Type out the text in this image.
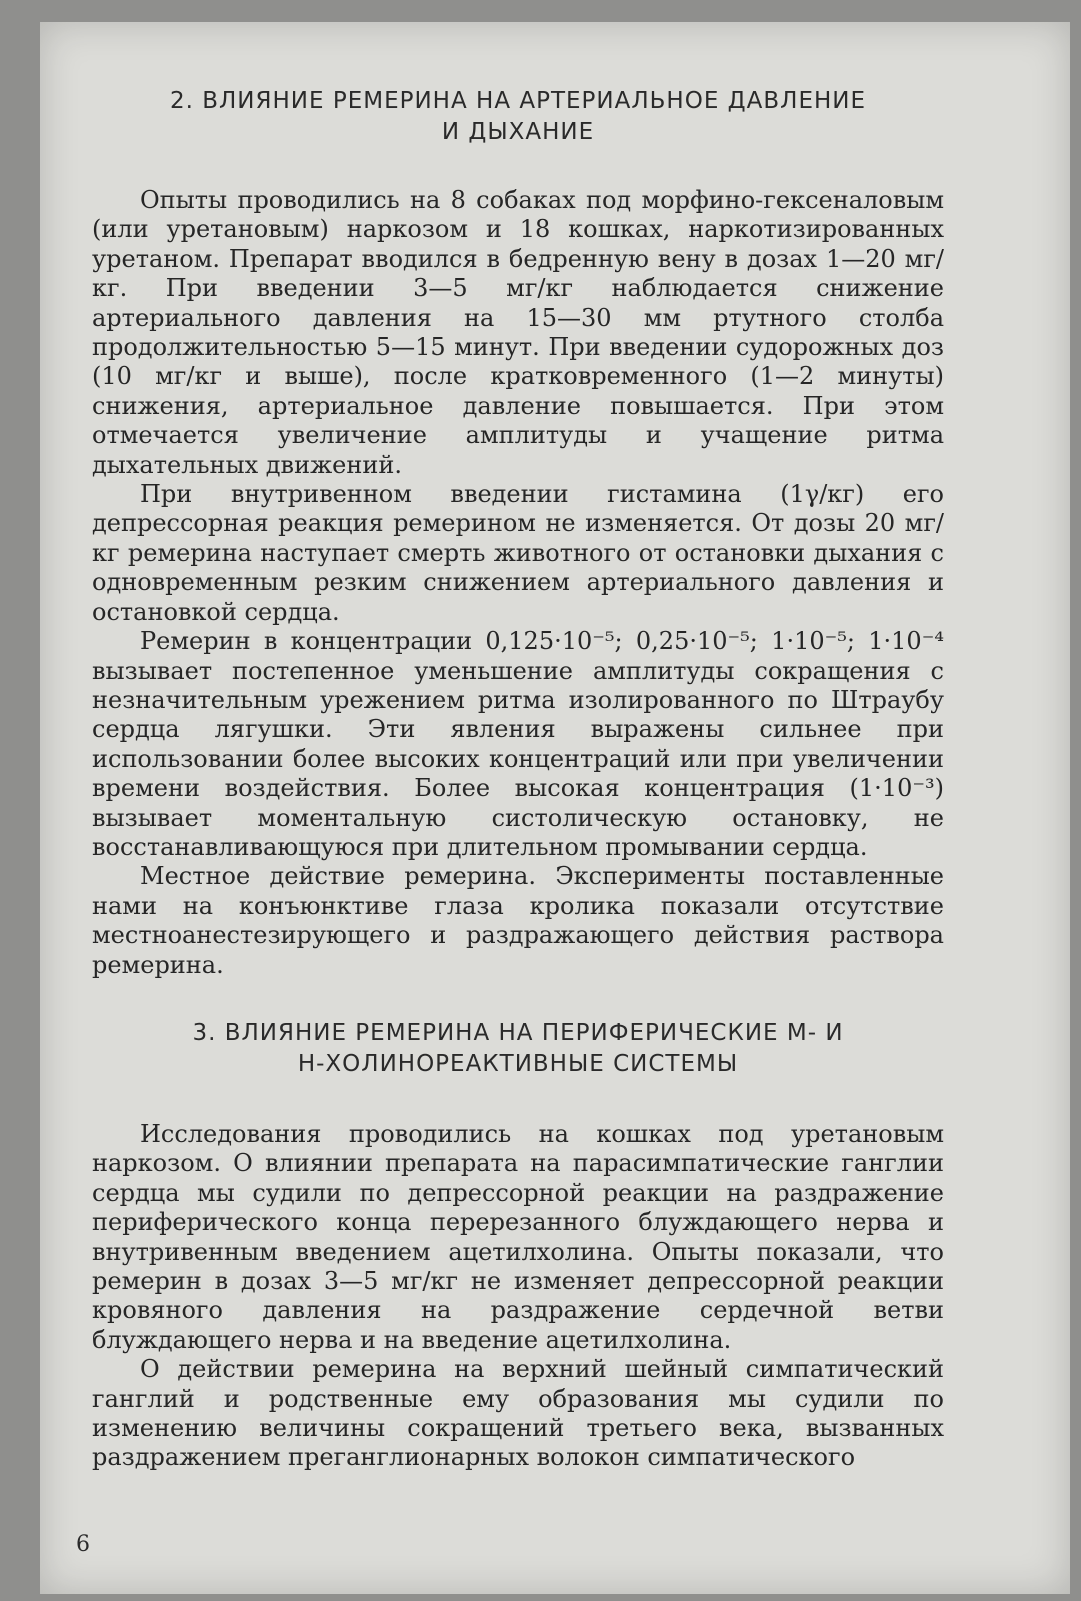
2. ВЛИЯНИЕ РЕМЕРИНА НА АРТЕРИАЛЬНОЕ ДАВЛЕНИЕ
И ДЫХАНИЕ

Опыты проводились на 8 собаках под морфино-гексеналовым (или уретановым) наркозом и 18 кошках, наркотизированных уретаном. Препарат вводился в бедренную вену в дозах 1—20 мг/кг. При введении 3—5 мг/кг наблюдается снижение артериального давления на 15—30 мм ртутного столба продолжительностью 5—15 минут. При введении судорожных доз (10 мг/кг и выше), после кратковременного (1—2 минуты) снижения, артериальное давление повышается. При этом отмечается увеличение амплитуды и учащение ритма дыхательных движений.

При внутривенном введении гистамина (1γ/кг) его депрессорная реакция ремерином не изменяется. От дозы 20 мг/кг ремерина наступает смерть животного от остановки дыхания с одновременным резким снижением артериального давления и остановкой сердца.

Ремерин в концентрации 0,125·10⁻⁵; 0,25·10⁻⁵; 1·10⁻⁵; 1·10⁻⁴ вызывает постепенное уменьшение амплитуды сокращения с незначительным урежением ритма изолированного по Штраубу сердца лягушки. Эти явления выражены сильнее при использовании более высоких концентраций или при увеличении времени воздействия. Более высокая концентрация (1·10⁻³) вызывает моментальную систолическую остановку, не восстанавливающуюся при длительном промывании сердца.

Местное действие ремерина. Эксперименты поставленные нами на конъюнктиве глаза кролика показали отсутствие местноанестезирующего и раздражающего действия раствора ремерина.

3. ВЛИЯНИЕ РЕМЕРИНА НА ПЕРИФЕРИЧЕСКИЕ М- И
Н-ХОЛИНОРЕАКТИВНЫЕ СИСТЕМЫ

Исследования проводились на кошках под уретановым наркозом. О влиянии препарата на парасимпатические ганглии сердца мы судили по депрессорной реакции на раздражение периферического конца перерезанного блуждающего нерва и внутривенным введением ацетилхолина. Опыты показали, что ремерин в дозах 3—5 мг/кг не изменяет депрессорной реакции кровяного давления на раздражение сердечной ветви блуждающего нерва и на введение ацетилхолина.

О действии ремерина на верхний шейный симпатический ганглий и родственные ему образования мы судили по изменению величины сокращений третьего века, вызванных раздражением преганглионарных волокон симпатического

6
